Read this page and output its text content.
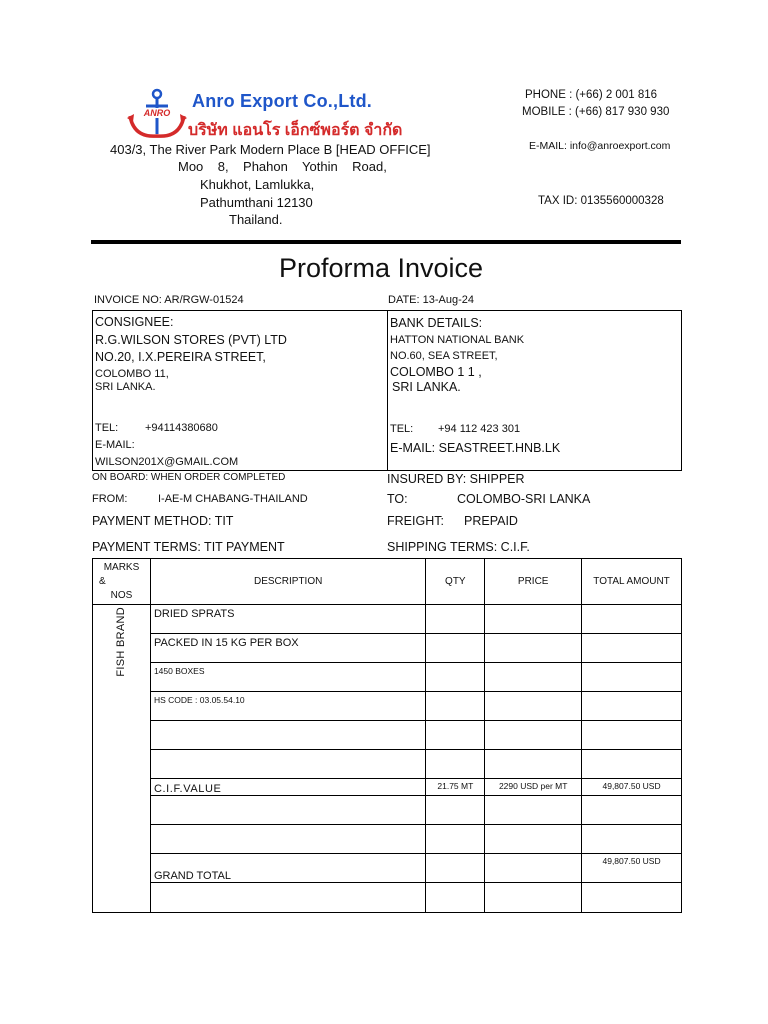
ANRO
Anro Export Co.,Ltd.
บริษัท แอนโร เอ็กซ์พอร์ต จำกัด
403/3, The River Park Modern Place B [HEAD OFFICE]
Moo    8,    Phahon    Yothin    Road,
Khukhot, Lamlukka,
Pathumthani 12130
Thailand.
PHONE : (+66) 2 001 816
MOBILE : (+66) 817 930 930
E-MAIL: info@anroexport.com
TAX ID: 0135560000328
Proforma Invoice
INVOICE NO: AR/RGW-01524	DATE: 13-Aug-24
CONSIGNEE:
R.G.WILSON STORES (PVT) LTD
NO.20, I.X.PEREIRA STREET,
COLOMBO 11,
SRI LANKA.
TEL: +94114380680
E-MAIL:
WILSON201X@GMAIL.COM
BANK DETAILS:
HATTON NATIONAL BANK
NO.60, SEA STREET,
COLOMBO 1 1 ,
SRI LANKA.
TEL: +94 112 423 301
E-MAIL: SEASTREET.HNB.LK
ON BOARD: WHEN ORDER COMPLETED	INSURED BY: SHIPPER
FROM:	I-AE-M CHABANG-THAILAND	TO:	COLOMBO-SRI LANKA
PAYMENT METHOD: TIT	FREIGHT: PREPAID
PAYMENT TERMS: TIT PAYMENT	SHIPPING TERMS: C.I.F.
MARKS
&
NOS	DESCRIPTION	QTY	PRICE	TOTAL AMOUNT

FISH BRAND	DRIED SPRATS			
	PACKED IN 15 KG PER BOX			
	1450 BOXES			
	HS CODE : 03.05.54.10			

	C.I.F.VALUE	21.75 MT	2290 USD per MT	49,807.50 USD

	GRAND TOTAL			49,807.50 USD
